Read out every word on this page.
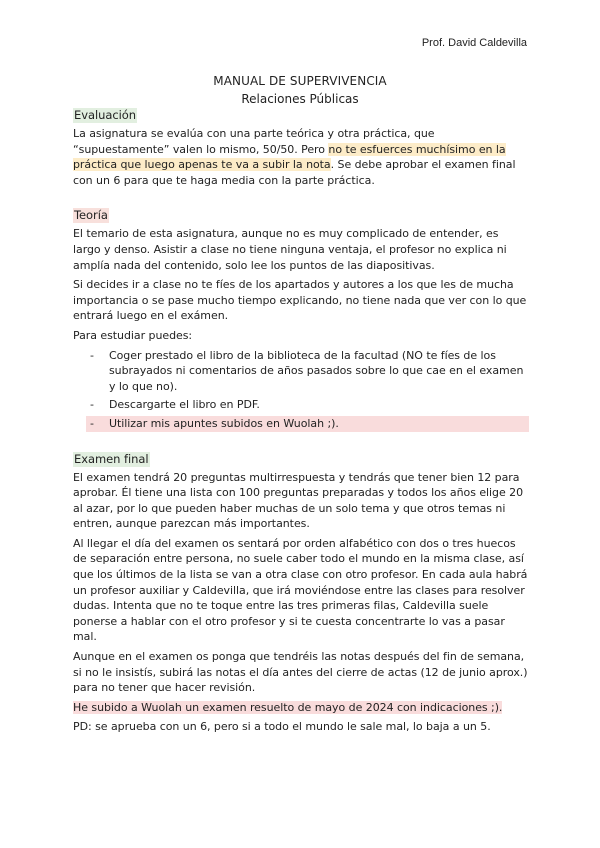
Prof. David Caldevilla
MANUAL DE SUPERVIVENCIA
Relaciones Públicas
Evaluación

La asignatura se evalúa con una parte teórica y otra práctica, que “supuestamente” valen lo mismo, 50/50. Pero no te esfuerces muchísimo en la práctica que luego apenas te va a subir la nota. Se debe aprobar el examen final con un 6 para que te haga media con la parte práctica.

Teoría

El temario de esta asignatura, aunque no es muy complicado de entender, es largo y denso. Asistir a clase no tiene ninguna ventaja, el profesor no explica ni amplía nada del contenido, solo lee los puntos de las diapositivas.

Si decides ir a clase no te fíes de los apartados y autores a los que les de mucha importancia o se pase mucho tiempo explicando, no tiene nada que ver con lo que entrará luego en el exámen.

Para estudiar puedes:

- Coger prestado el libro de la biblioteca de la facultad (NO te fíes de los subrayados ni comentarios de años pasados sobre lo que cae en el examen y lo que no).
- Descargarte el libro en PDF.
- Utilizar mis apuntes subidos en Wuolah ;).
Examen final

El examen tendrá 20 preguntas multirrespuesta y tendrás que tener bien 12 para aprobar. Él tiene una lista con 100 preguntas preparadas y todos los años elige 20 al azar, por lo que pueden haber muchas de un solo tema y que otros temas ni entren, aunque parezcan más importantes.

Al llegar el día del examen os sentará por orden alfabético con dos o tres huecos de separación entre persona, no suele caber todo el mundo en la misma clase, así que los últimos de la lista se van a otra clase con otro profesor. En cada aula habrá un profesor auxiliar y Caldevilla, que irá moviéndose entre las clases para resolver dudas. Intenta que no te toque entre las tres primeras filas, Caldevilla suele ponerse a hablar con el otro profesor y si te cuesta concentrarte lo vas a pasar mal.

Aunque en el examen os ponga que tendréis las notas después del fin de semana, si no le insistís, subirá las notas el día antes del cierre de actas (12 de junio aprox.) para no tener que hacer revisión.

He subido a Wuolah un examen resuelto de mayo de 2024 con indicaciones ;).

PD: se aprueba con un 6, pero si a todo el mundo le sale mal, lo baja a un 5.
